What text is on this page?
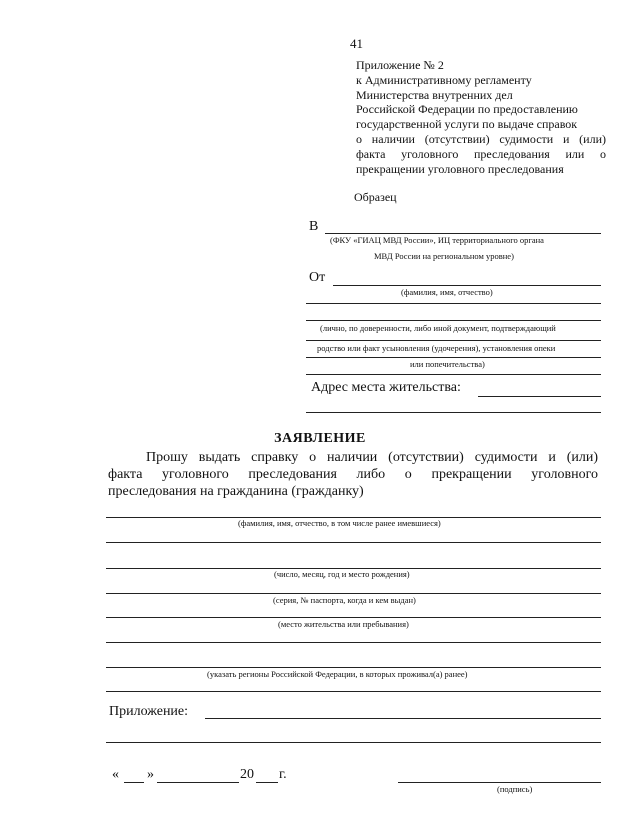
41
Приложение № 2
к Административному регламенту
Министерства внутренних дел
Российской Федерации по предоставлению
государственной услуги по выдаче справок
о наличии (отсутствии) судимости и (или)
факта уголовного преследования или о
прекращении уголовного преследования
Образец
В
(ФКУ «ГИАЦ МВД России», ИЦ территориального органа
МВД России на региональном уровне)
От
(фамилия, имя, отчество)
(лично, по доверенности, либо иной документ, подтверждающий
родство или факт усыновления (удочерения), установления опеки
или попечительства)
Адрес места жительства:
ЗАЯВЛЕНИЕ
Прошу выдать справку о наличии (отсутствии) судимости и (или)
факта уголовного преследования либо о прекращении уголовного
преследования на гражданина (гражданку)
(фамилия, имя, отчество, в том числе ранее имевшиеся)
(число, месяц, год и место рождения)
(серия, № паспорта, когда и кем выдан)
(место жительства или пребывания)
(указать регионы Российской Федерации, в которых проживал(а) ранее)
Приложение:
« »	20 г.
(подпись)
